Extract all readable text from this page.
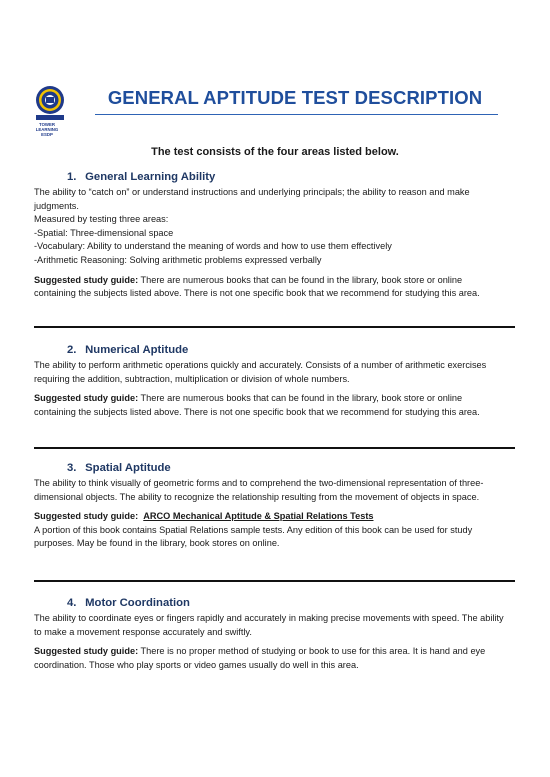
TOWER LEARNING ESDP
GENERAL APTITUDE TEST DESCRIPTION
The test consists of the four areas listed below.
1. General Learning Ability

The ability to “catch on” or understand instructions and underlying principals; the ability to reason and make judgments.

Measured by testing three areas:

-Spatial: Three-dimensional space

-Vocabulary: Ability to understand the meaning of words and how to use them effectively

-Arithmetic Reasoning: Solving arithmetic problems expressed verbally

Suggested study guide: There are numerous books that can be found in the library, book store or online containing the subjects listed above. There is not one specific book that we recommend for studying this area.

2. Numerical Aptitude

The ability to perform arithmetic operations quickly and accurately. Consists of a number of arithmetic exercises requiring the addition, subtraction, multiplication or division of whole numbers.

Suggested study guide: There are numerous books that can be found in the library, book store or online containing the subjects listed above. There is not one specific book that we recommend for studying this area.

3. Spatial Aptitude

The ability to think visually of geometric forms and to comprehend the two-dimensional representation of three-dimensional objects. The ability to recognize the relationship resulting from the movement of objects in space.

Suggested study guide: ARCO Mechanical Aptitude & Spatial Relations Tests

A portion of this book contains Spatial Relations sample tests. Any edition of this book can be used for study purposes. May be found in the library, book stores on online.

4. Motor Coordination

The ability to coordinate eyes or fingers rapidly and accurately in making precise movements with speed. The ability to make a movement response accurately and swiftly.

Suggested study guide: There is no proper method of studying or book to use for this area. It is hand and eye coordination. Those who play sports or video games usually do well in this area.
